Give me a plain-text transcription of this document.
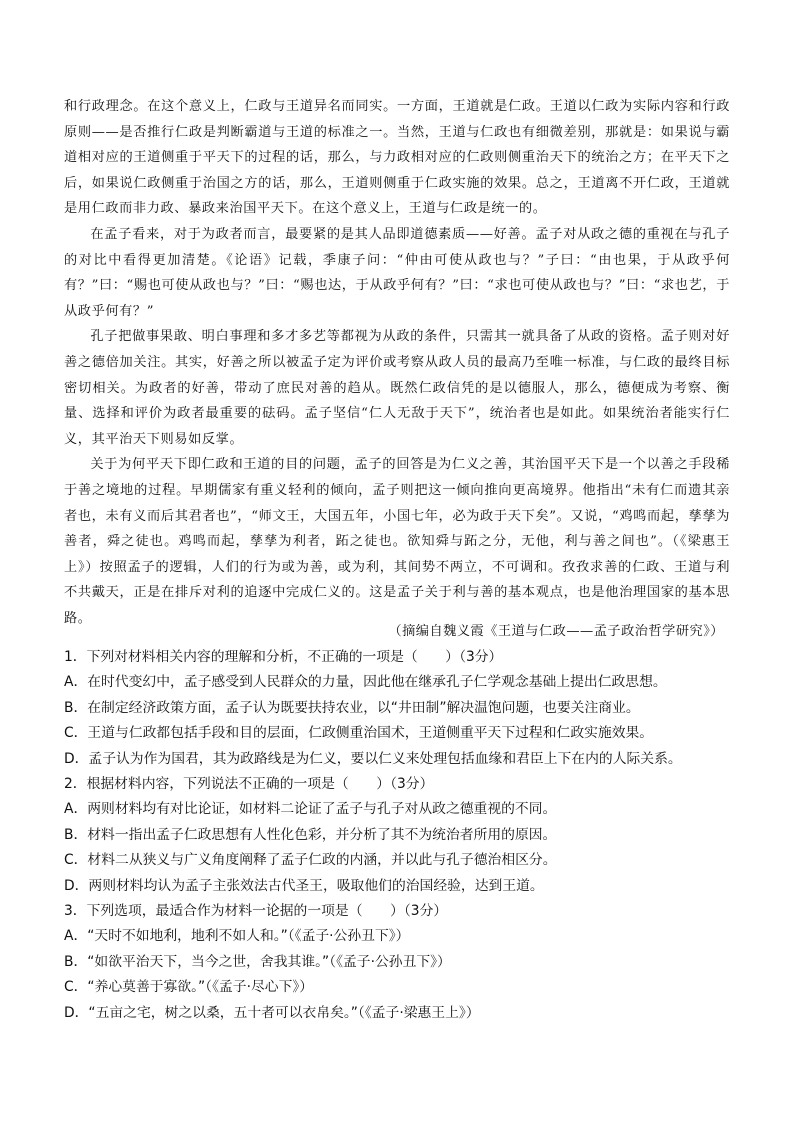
和行政理念。在这个意义上，仁政与王道异名而同实。一方面，王道就是仁政。王道以仁政为实际内容和行政原则——是否推行仁政是判断霸道与王道的标准之一。当然，王道与仁政也有细微差别，那就是：如果说与霸道相对应的王道侧重于平天下的过程的话，那么，与力政相对应的仁政则侧重治天下的统治之方；在平天下之后，如果说仁政侧重于治国之方的话，那么，王道则侧重于仁政实施的效果。总之，王道离不开仁政，王道就是用仁政而非力政、暴政来治国平天下。在这个意义上，王道与仁政是统一的。

在孟子看来，对于为政者而言，最要紧的是其人品即道德素质——好善。孟子对从政之德的重视在与孔子的对比中看得更加清楚。《论语》记载，季康子问：“仲由可使从政也与？”子曰：“由也果，于从政乎何有？”曰：“赐也可使从政也与？”曰：“赐也达，于从政乎何有？”曰：“求也可使从政也与？”曰：“求也艺，于从政乎何有？”

孔子把做事果敢、明白事理和多才多艺等都视为从政的条件，只需其一就具备了从政的资格。孟子则对好善之德倍加关注。其实，好善之所以被孟子定为评价或考察从政人员的最高乃至唯一标准，与仁政的最终目标密切相关。为政者的好善，带动了庶民对善的趋从。既然仁政信凭的是以德服人，那么，德便成为考察、衡量、选择和评价为政者最重要的砝码。孟子坚信“仁人无敌于天下”，统治者也是如此。如果统治者能实行仁义，其平治天下则易如反掌。

关于为何平天下即仁政和王道的目的问题，孟子的回答是为仁义之善，其治国平天下是一个以善之手段稀于善之境地的过程。早期儒家有重义轻利的倾向，孟子则把这一倾向推向更高境界。他指出“未有仁而遗其亲者也，未有义而后其君者也”，“师文王，大国五年，小国七年，必为政于天下矣”。又说，“鸡鸣而起，孳孳为善者，舜之徒也。鸡鸣而起，孳孳为利者，跖之徒也。欲知舜与跖之分，无他，利与善之间也”。（《梁惠王上》）按照孟子的逻辑，人们的行为或为善，或为利，其间势不两立，不可调和。孜孜求善的仁政、王道与利不共戴天，正是在排斥对利的追逐中完成仁义的。这是孟子关于利与善的基本观点，也是他治理国家的基本思路。

（摘编自魏义霞《王道与仁政——孟子政治哲学研究》）
1．下列对材料相关内容的理解和分析，不正确的一项是（　　）（3分）
A．在时代变幻中，孟子感受到人民群众的力量，因此他在继承孔子仁学观念基础上提出仁政思想。
B．在制定经济政策方面，孟子认为既要扶持农业，以“井田制”解决温饱问题，也要关注商业。
C．王道与仁政都包括手段和目的层面，仁政侧重治国术，王道侧重平天下过程和仁政实施效果。
D．孟子认为作为国君，其为政路线是为仁义，要以仁义来处理包括血缘和君臣上下在内的人际关系。
2．根据材料内容，下列说法不正确的一项是（　　）（3分）
A．两则材料均有对比论证，如材料二论证了孟子与孔子对从政之德重视的不同。
B．材料一指出孟子仁政思想有人性化色彩，并分析了其不为统治者所用的原因。
C．材料二从狭义与广义角度阐释了孟子仁政的内涵，并以此与孔子德治相区分。
D．两则材料均认为孟子主张效法古代圣王，吸取他们的治国经验，达到王道。
3．下列选项，最适合作为材料一论据的一项是（　　）（3分）
A．“天时不如地利，地利不如人和。”（《孟子·公孙丑下》）
B．“如欲平治天下，当今之世，舍我其谁。”（《孟子·公孙丑下》）
C．“养心莫善于寡欲。”（《孟子·尽心下》）
D．“五亩之宅，树之以桑，五十者可以衣帛矣。”（《孟子·梁惠王上》）
